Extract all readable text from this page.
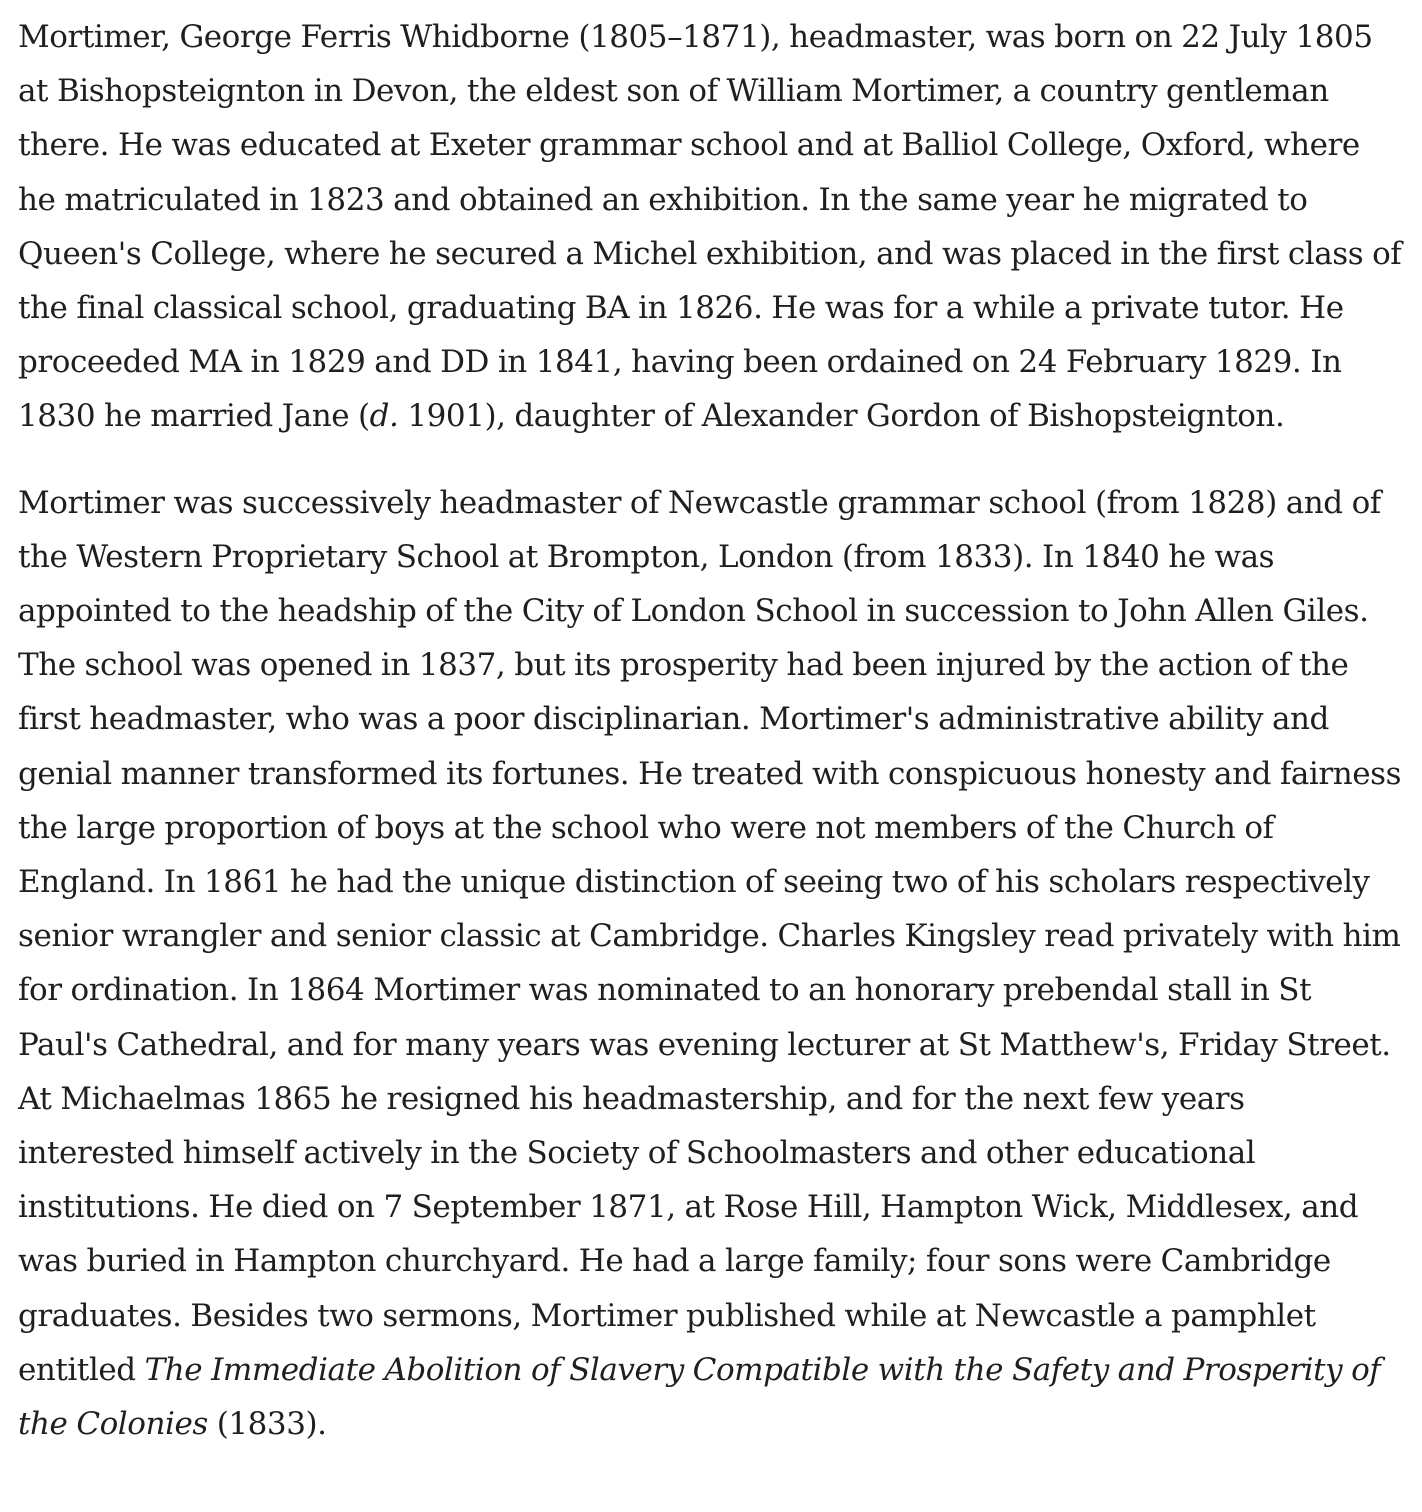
Mortimer, George Ferris Whidborne (1805–1871), headmaster, was born on 22 July 1805 at Bishopsteignton in Devon, the eldest son of William Mortimer, a country gentleman there. He was educated at Exeter grammar school and at Balliol College, Oxford, where he matriculated in 1823 and obtained an exhibition. In the same year he migrated to Queen's College, where he secured a Michel exhibition, and was placed in the first class of the final classical school, graduating BA in 1826. He was for a while a private tutor. He proceeded MA in 1829 and DD in 1841, having been ordained on 24 February 1829. In 1830 he married Jane (d. 1901), daughter of Alexander Gordon of Bishopsteignton.

Mortimer was successively headmaster of Newcastle grammar school (from 1828) and of the Western Proprietary School at Brompton, London (from 1833). In 1840 he was appointed to the headship of the City of London School in succession to John Allen Giles. The school was opened in 1837, but its prosperity had been injured by the action of the first headmaster, who was a poor disciplinarian. Mortimer's administrative ability and genial manner transformed its fortunes. He treated with conspicuous honesty and fairness the large proportion of boys at the school who were not members of the Church of England. In 1861 he had the unique distinction of seeing two of his scholars respectively senior wrangler and senior classic at Cambridge. Charles Kingsley read privately with him for ordination. In 1864 Mortimer was nominated to an honorary prebendal stall in St Paul's Cathedral, and for many years was evening lecturer at St Matthew's, Friday Street. At Michaelmas 1865 he resigned his headmastership, and for the next few years interested himself actively in the Society of Schoolmasters and other educational institutions. He died on 7 September 1871, at Rose Hill, Hampton Wick, Middlesex, and was buried in Hampton churchyard. He had a large family; four sons were Cambridge graduates. Besides two sermons, Mortimer published while at Newcastle a pamphlet entitled The Immediate Abolition of Slavery Compatible with the Safety and Prosperity of the Colonies (1833).
